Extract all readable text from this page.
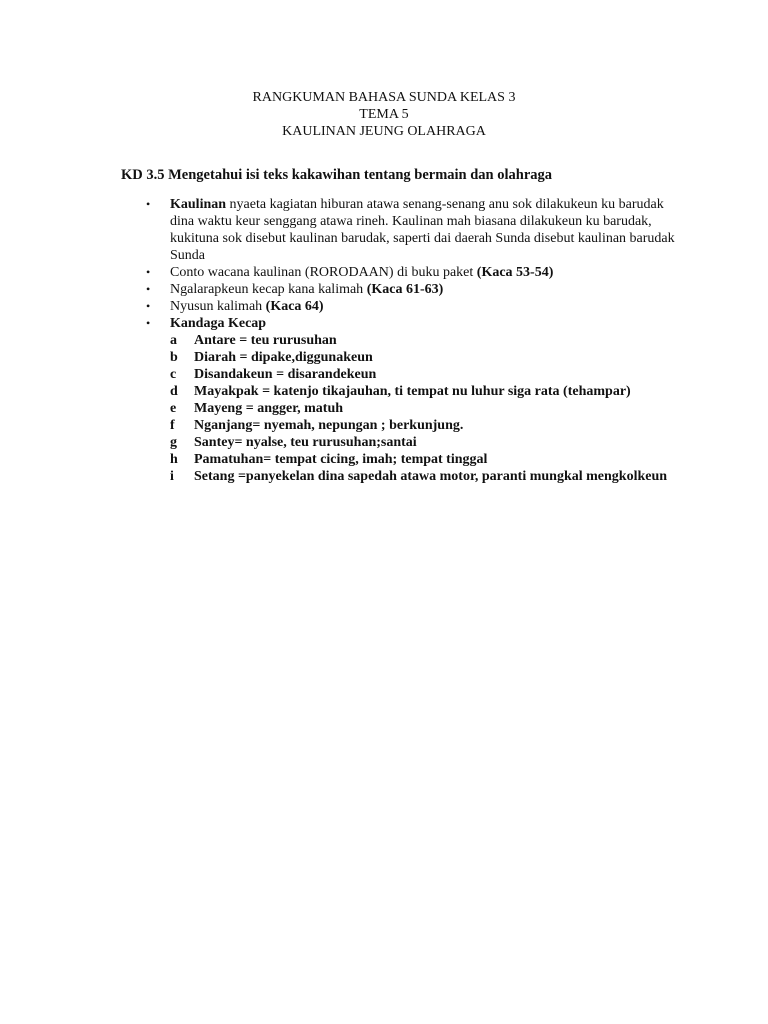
RANGKUMAN BAHASA SUNDA KELAS 3
TEMA 5
KAULINAN JEUNG OLAHRAGA
KD 3.5 Mengetahui isi teks kakawihan tentang bermain dan olahraga
• Kaulinan nyaeta kagiatan hiburan atawa senang-senang anu sok dilakukeun ku barudak dina waktu keur senggang atawa rineh. Kaulinan mah biasana dilakukeun ku barudak, kukituna sok disebut kaulinan barudak, saperti dai daerah Sunda disebut kaulinan barudak Sunda
• Conto wacana kaulinan (RORODAAN) di buku paket (Kaca 53-54)
• Ngalarapkeun kecap kana kalimah (Kaca 61-63)
• Nyusun kalimah (Kaca 64)
• Kandaga Kecap
a Antare = teu rurusuhan
b Diarah = dipake,diggunakeun
c Disandakeun = disarandekeun
d Mayakpak = katenjo tikajauhan, ti tempat nu luhur siga rata (tehampar)
e Mayeng = angger, matuh
f Nganjang= nyemah, nepungan ; berkunjung.
g Santey= nyalse, teu rurusuhan;santai
h Pamatuhan= tempat cicing, imah; tempat tinggal
i Setang =panyekelan dina sapedah atawa motor, paranti mungkal mengkolkeun
